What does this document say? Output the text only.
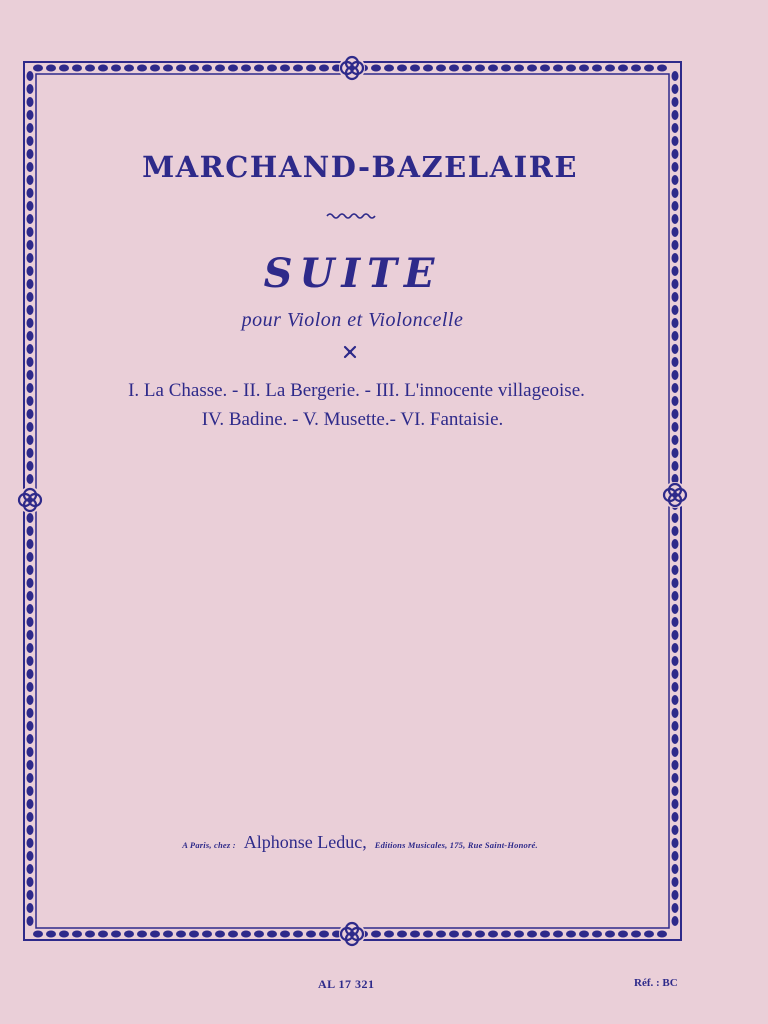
MARCHAND-BAZELAIRE
SUITE
pour Violon et Violoncelle
I. La Chasse. - II. La Bergerie. - III. L'innocente villageoise.
IV. Badine. - V. Musette.- VI. Fantaisie.
A Paris, chez : Alphonse Leduc, Editions Musicales, 175, Rue Saint-Honoré.
AL 17 321	Réf. : BC
